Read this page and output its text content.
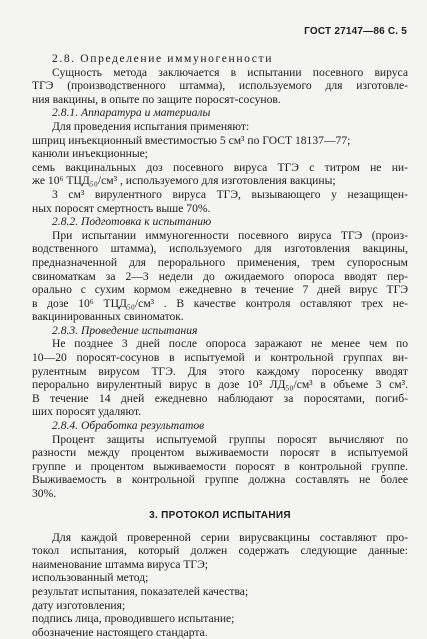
ГОСТ 27147—86 С. 5
2.8. Определение иммуногенности
Сущность метода заключается в испытании посевного вируса
ТГЭ (производственного штамма), используемого для изготовле-
ния вакцины, в опыте по защите поросят-сосунов.
2.8.1. Аппаратура и материалы
Для проведения испытания применяют:
шприц инъекционный вместимостью 5 см³ по ГОСТ 18137—77;
канюли инъекционные;
семь вакцинальных доз посевного вируса ТГЭ с титром не ни-
же 10⁶ ТЦД₅₀/см³ , используемого для изготовления вакцины;
3 см³ вирулентного вируса ТГЭ, вызывающего у незащищен-
ных поросят смертность выше 70%.
2.8.2. Подготовка к испытанию
При испытании иммуногенности посевного вируса ТГЭ (произ-
водственного штамма), используемого для изготовления вакцины,
предназначенной для перорального применения, трем супоросным
свиноматкам за 2—3 недели до ожидаемого опороса вводят пер-
орально с сухим кормом ежедневно в течение 7 дней вирус ТГЭ
в дозе 10⁶ ТЦД₅₀/см³ . В качестве контроля оставляют трех не-
вакцинированных свиноматок.
2.8.3. Проведение испытания
Не позднее 3 дней после опороса заражают не менее чем по
10—20 поросят-сосунов в испытуемой и контрольной группах ви-
рулентным вирусом ТГЭ. Для этого каждому поросенку вводят
перорально вирулентный вирус в дозе 10³ ЛД₅₀/см³ в объеме 3 см³.
В течение 14 дней ежедневно наблюдают за поросятами, погиб-
ших поросят удаляют.
2.8.4. Обработка результатов
Процент защиты испытуемой группы поросят вычисляют по
разности между процентом выживаемости поросят в испытуемой
группе и процентом выживаемости поросят в контрольной группе.
Выживаемость в контрольной группе должна составлять не более
30%.
3. ПРОТОКОЛ ИСПЫТАНИЯ
Для каждой проверенной серии вирусвакцины составляют про-
токол испытания, который должен содержать следующие данные:
наименование штамма вируса ТГЭ;
использованный метод;
результат испытания, показателей качества;
дату изготовления;
подпись лица, проводившего испытание;
обозначение настоящего стандарта.
